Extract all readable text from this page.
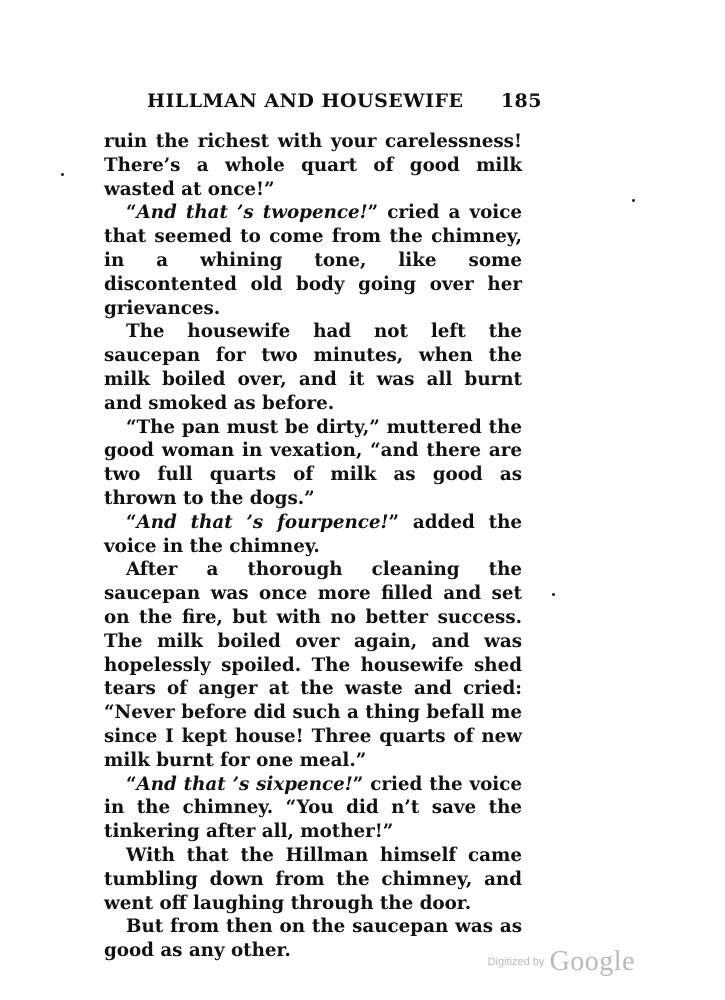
HILLMAN AND HOUSEWIFE 185

ruin the richest with your carelessness! There’s a whole quart of good milk wasted at once!”

“And that ’s twopence!” cried a voice that seemed to come from the chimney, in a whining tone, like some discontented old body going over her grievances.

The housewife had not left the saucepan for two minutes, when the milk boiled over, and it was all burnt and smoked as before.

“The pan must be dirty,” muttered the good woman in vexation, “and there are two full quarts of milk as good as thrown to the dogs.”

“And that ’s fourpence!” added the voice in the chimney.

After a thorough cleaning the saucepan was once more filled and set on the fire, but with no better success. The milk boiled over again, and was hopelessly spoiled. The housewife shed tears of anger at the waste and cried: “Never before did such a thing befall me since I kept house! Three quarts of new milk burnt for one meal.”

“And that ’s sixpence!” cried the voice in the chimney. “You did n’t save the tinkering after all, mother!”

With that the Hillman himself came tumbling down from the chimney, and went off laughing through the door.

But from then on the saucepan was as good as any other.

Digitized by Google
